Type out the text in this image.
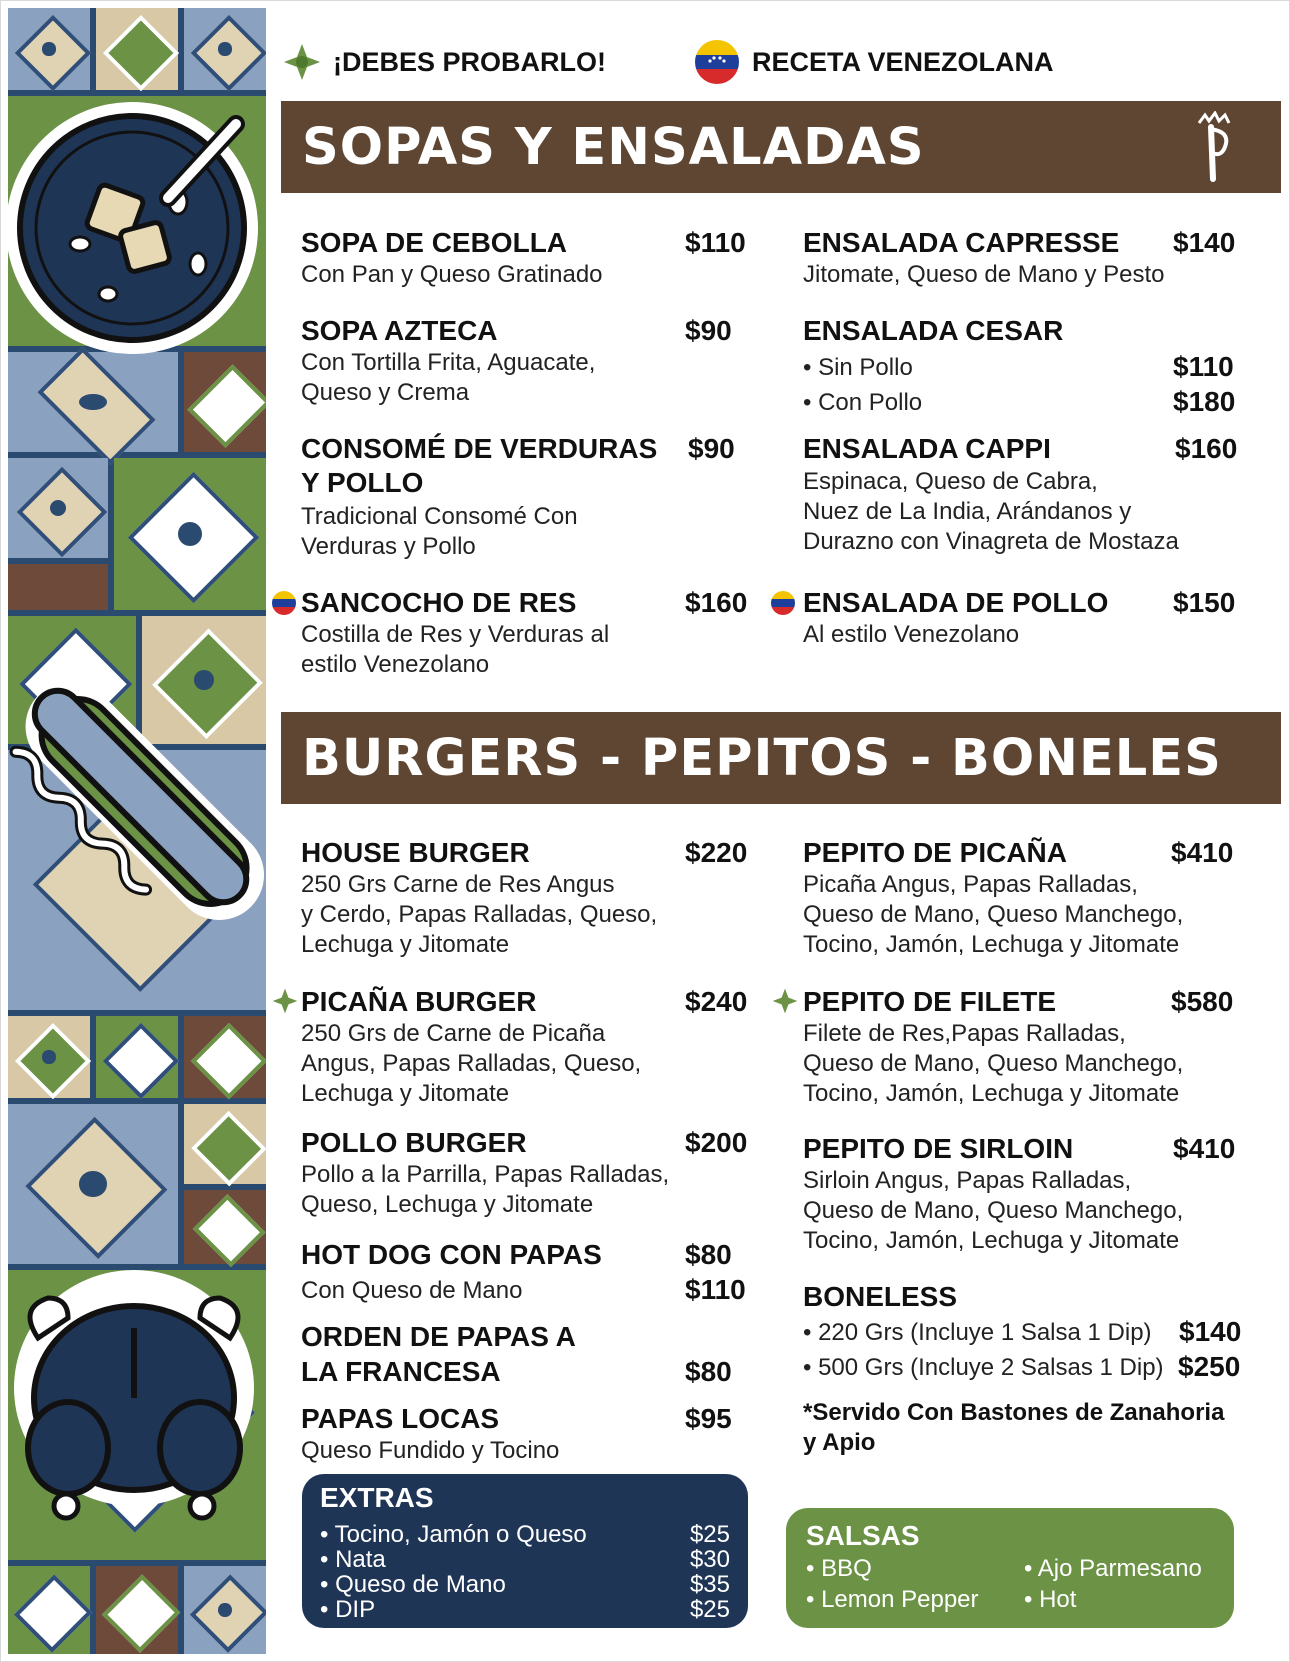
¡DEBES PROBARLO!	RECETA VENEZOLANA
SOPAS Y ENSALADAS
SOPA DE CEBOLLA	$110
Con Pan y Queso Gratinado
SOPA AZTECA	$90
Con Tortilla Frita, Aguacate,
Queso y Crema
CONSOMÉ DE VERDURAS
Y POLLO
$90
Tradicional Consomé Con
Verduras y Pollo
SANCOCHO DE RES	$160
Costilla de Res y Verduras al
estilo Venezolano
ENSALADA CAPRESSE $140
Jitomate, Queso de Mano y Pesto
ENSALADA CESAR
• Sin Pollo	$110
• Con Pollo	$180
ENSALADA CAPPI	$160
Espinaca, Queso de Cabra,
Nuez de La India, Arándanos y
Durazno con Vinagreta de Mostaza
ENSALADA DE POLLO $150
Al estilo Venezolano
BURGERS - PEPITOS - BONELES
HOUSE BURGER	$220
250 Grs Carne de Res Angus
y Cerdo, Papas Ralladas, Queso,
Lechuga y Jitomate
PICAÑA BURGER	$240
250 Grs de Carne de Picaña
Angus, Papas Ralladas, Queso,
Lechuga y Jitomate
POLLO BURGER	$200
Pollo a la Parrilla, Papas Ralladas,
Queso, Lechuga y Jitomate
HOT DOG CON PAPAS	$80
Con Queso de Mano	$110
ORDEN DE PAPAS A
LA FRANCESA	$80
PAPAS LOCAS	$95
Queso Fundido y Tocino
PEPITO DE PICAÑA	$410
Picaña Angus, Papas Ralladas,
Queso de Mano, Queso Manchego,
Tocino, Jamón, Lechuga y Jitomate
PEPITO DE FILETE	$580
Filete de Res,Papas Ralladas,
Queso de Mano, Queso Manchego,
Tocino, Jamón, Lechuga y Jitomate
PEPITO DE SIRLOIN	$410
Sirloin Angus, Papas Ralladas,
Queso de Mano, Queso Manchego,
Tocino, Jamón, Lechuga y Jitomate
BONELESS
• 220 Grs (Incluye 1 Salsa 1 Dip) $140
• 500 Grs (Incluye 2 Salsas 1 Dip) $250
*Servido Con Bastones de Zanahoria
y Apio
EXTRAS
• Tocino, Jamón o Queso	$25
• Nata	$30
• Queso de Mano	$35
• DIP	$25
SALSAS
• BBQ	• Ajo Parmesano
• Lemon Pepper • Hot
